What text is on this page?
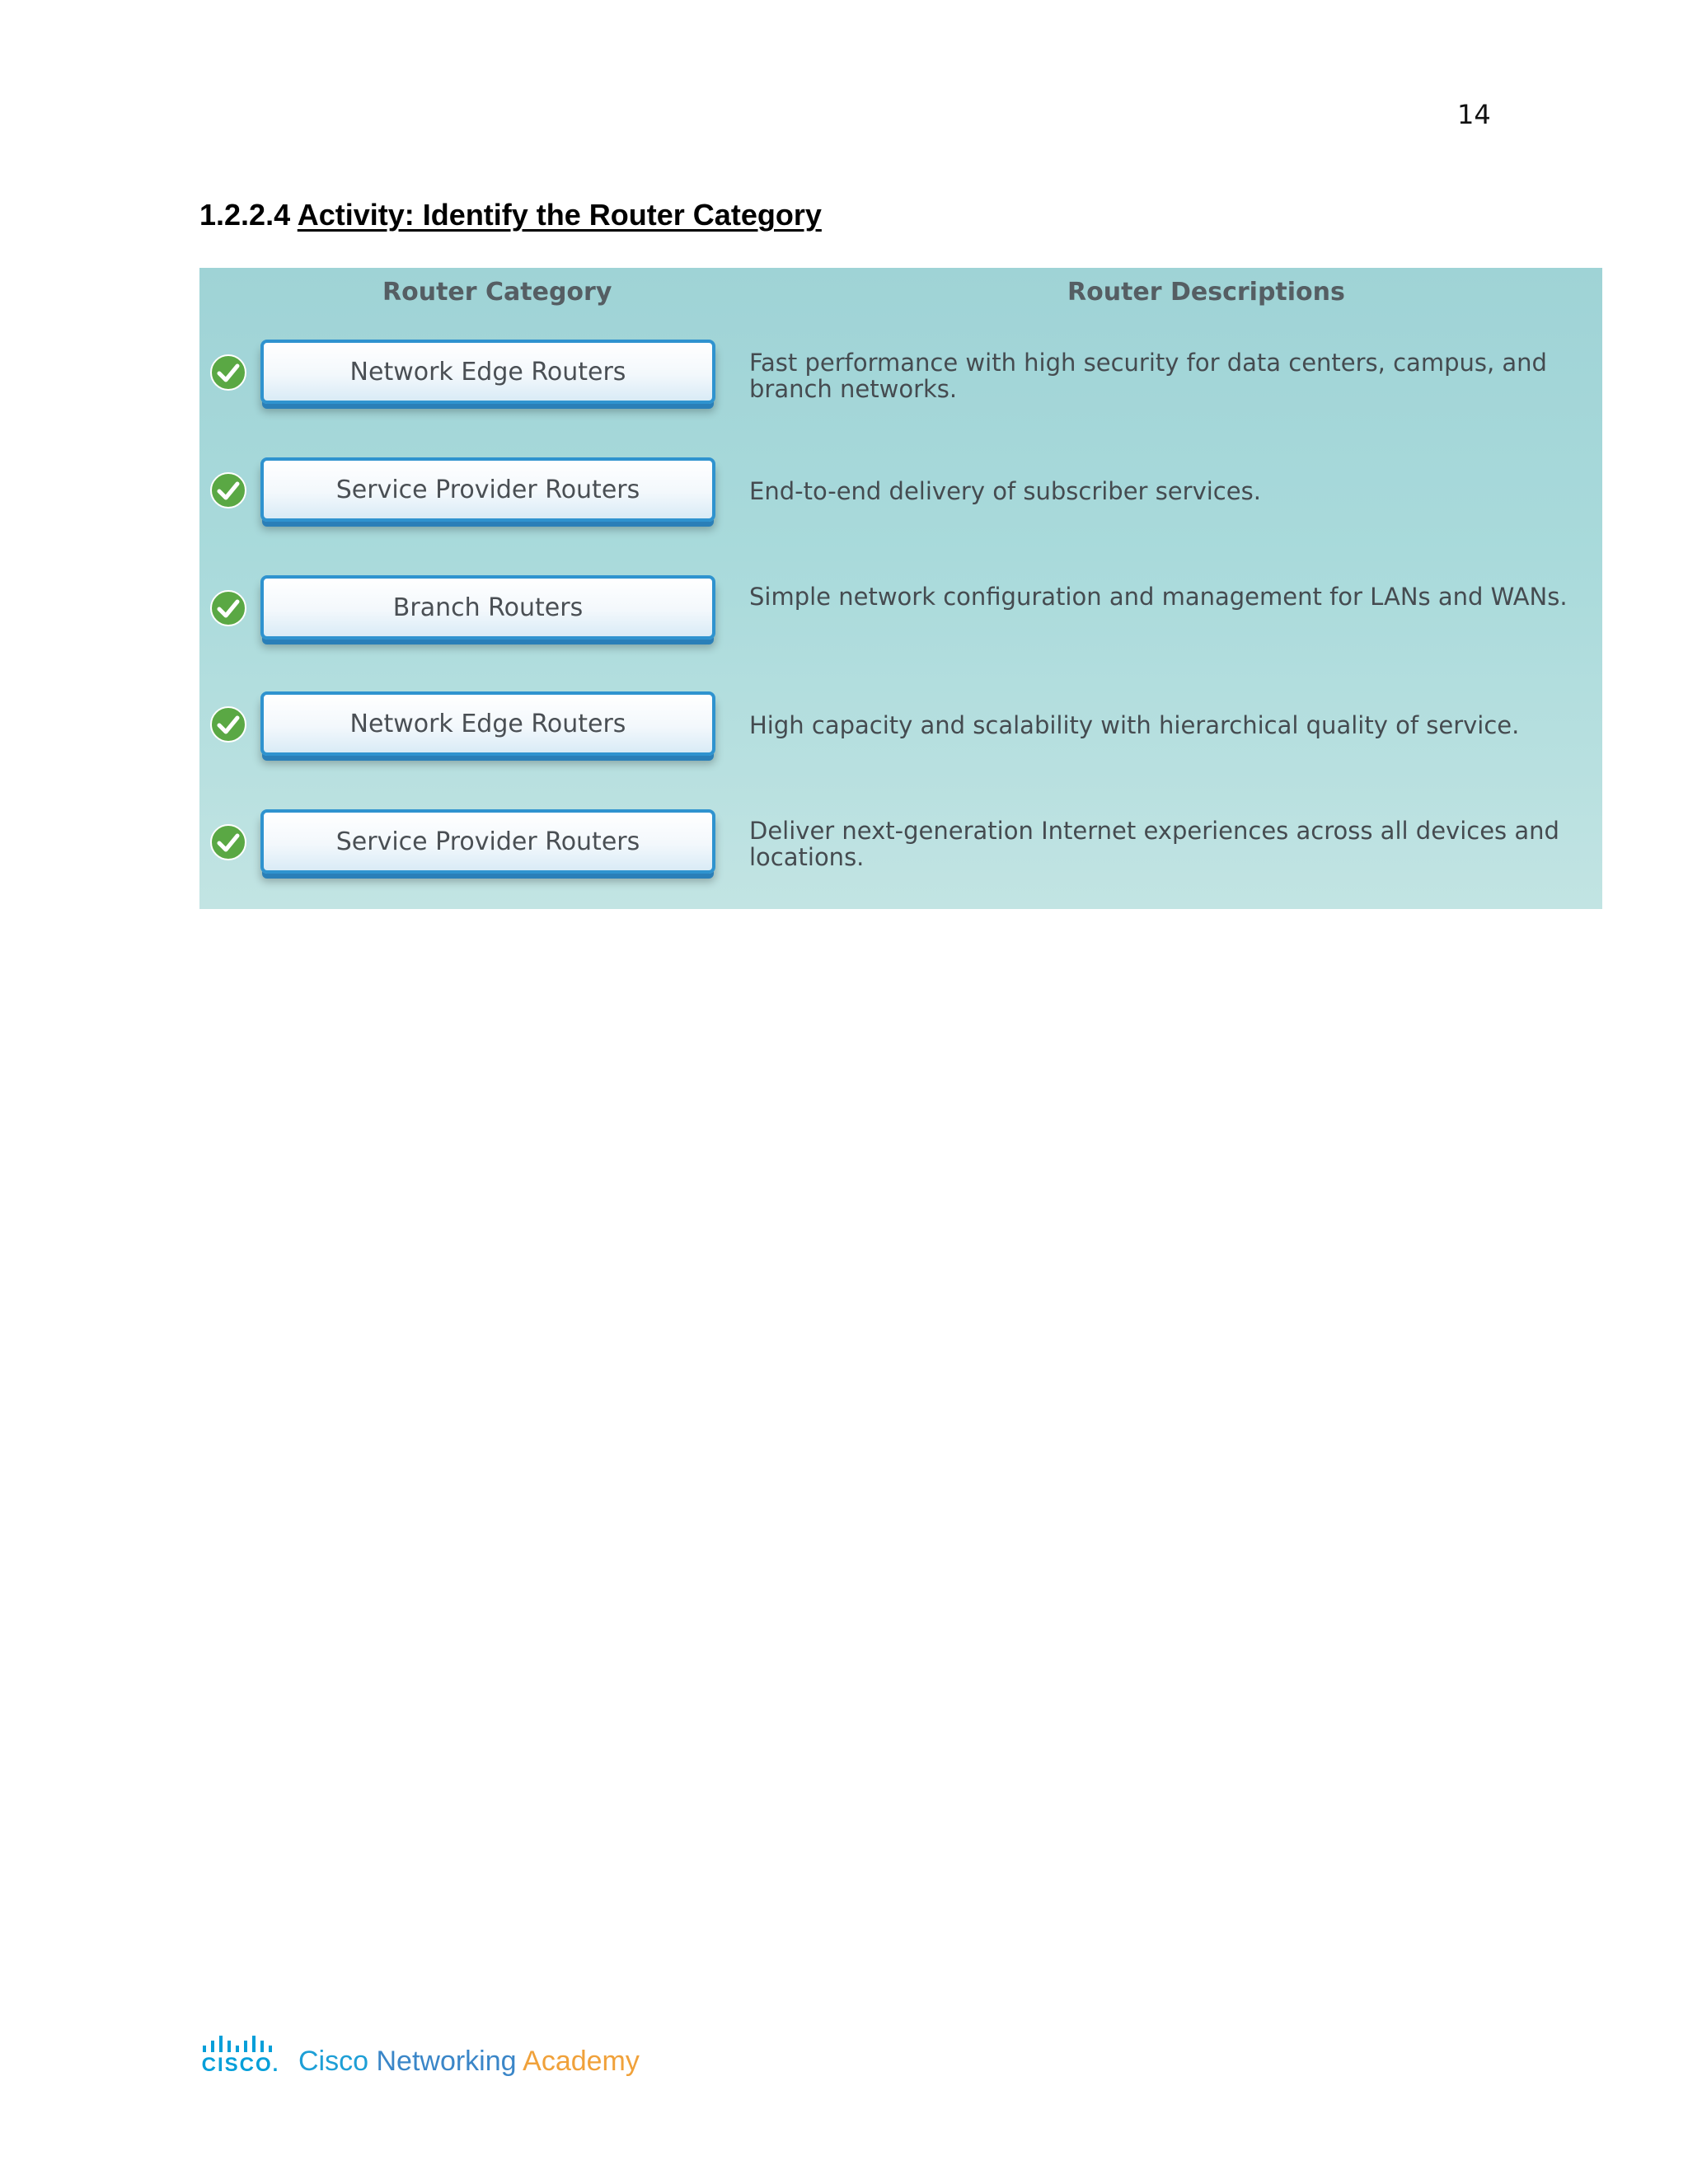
14
1.2.2.4 Activity: Identify the Router Category
Router Category	Router Descriptions
Network Edge Routers	Fast performance with high security for data centers, campus, and branch networks.
Service Provider Routers	End-to-end delivery of subscriber services.
Branch Routers	Simple network configuration and management for LANs and WANs.
Network Edge Routers	High capacity and scalability with hierarchical quality of service.
Service Provider Routers	Deliver next-generation Internet experiences across all devices and locations.
CISCO. Cisco Networking Academy
